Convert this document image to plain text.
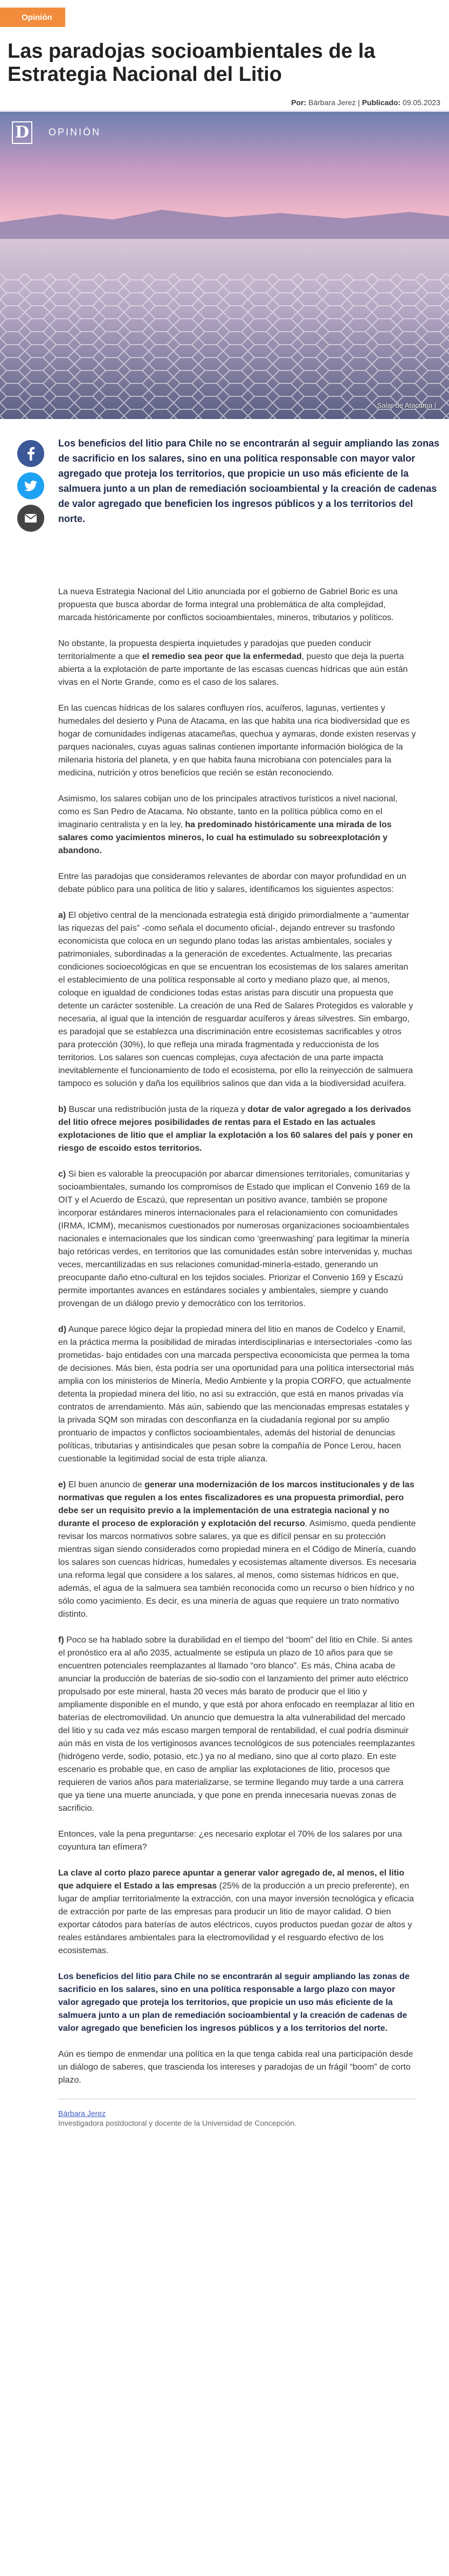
Opinión
Las paradojas socioambientales de la Estrategia Nacional del Litio
Por: Bárbara Jerez | Publicado: 09.05.2023
D	OPINIÓN
Salar de Atacama |

Los beneficios del litio para Chile no se encontrarán al seguir ampliando las zonas de sacrificio en los salares, sino en una política responsable con mayor valor agregado que proteja los territorios, que propicie un uso más eficiente de la salmuera junto a un plan de remediación socioambiental y la creación de cadenas de valor agregado que beneficien los ingresos públicos y a los territorios del norte.

La nueva Estrategia Nacional del Litio anunciada por el gobierno de Gabriel Boric es una propuesta que busca abordar de forma integral una problemática de alta complejidad, marcada históricamente por conflictos socioambientales, mineros, tributarios y políticos.

No obstante, la propuesta despierta inquietudes y paradojas que pueden conducir territorialmente a que el remedio sea peor que la enfermedad, puesto que deja la puerta abierta a la explotación de parte importante de las escasas cuencas hídricas que aún están vivas en el Norte Grande, como es el caso de los salares.

En las cuencas hídricas de los salares confluyen ríos, acuíferos, lagunas, vertientes y humedales del desierto y Puna de Atacama, en las que habita una rica biodiversidad que es hogar de comunidades indígenas atacameñas, quechua y aymaras, donde existen reservas y parques nacionales, cuyas aguas salinas contienen importante información biológica de la milenaria historia del planeta, y en que habita fauna microbiana con potenciales para la medicina, nutrición y otros beneficios que recién se están reconociendo.

Asimismo, los salares cobijan uno de los principales atractivos turísticos a nivel nacional, como es San Pedro de Atacama. No obstante, tanto en la política pública como en el imaginario centralista y en la ley, ha predominado históricamente una mirada de los salares como yacimientos mineros, lo cual ha estimulado su sobreexplotación y abandono.

Entre las paradojas que consideramos relevantes de abordar con mayor profundidad en un debate público para una política de litio y salares, identificamos los siguientes aspectos:

a) El objetivo central de la mencionada estrategia está dirigido primordialmente a “aumentar las riquezas del país” -como señala el documento oficial-, dejando entrever su trasfondo economicista que coloca en un segundo plano todas las aristas ambientales, sociales y patrimoniales, subordinadas a la generación de excedentes. Actualmente, las precarias condiciones socioecológicas en que se encuentran los ecosistemas de los salares ameritan el establecimiento de una política responsable al corto y mediano plazo que, al menos, coloque en igualdad de condiciones todas estas aristas para discutir una propuesta que detente un carácter sostenible. La creación de una Red de Salares Protegidos es valorable y necesaria, al igual que la intención de resguardar acuíferos y áreas silvestres. Sin embargo, es paradojal que se establezca una discriminación entre ecosistemas sacrificables y otros para protección (30%), lo que refleja una mirada fragmentada y reduccionista de los territorios. Los salares son cuencas complejas, cuya afectación de una parte impacta inevitablemente el funcionamiento de todo el ecosistema, por ello la reinyección de salmuera tampoco es solución y daña los equilibrios salinos que dan vida a la biodiversidad acuífera.

b) Buscar una redistribución justa de la riqueza y dotar de valor agregado a los derivados del litio ofrece mejores posibilidades de rentas para el Estado en las actuales explotaciones de litio que el ampliar la explotación a los 60 salares del país y poner en riesgo de escoido estos territorios.

c) Si bien es valorable la preocupación por abarcar dimensiones territoriales, comunitarias y socioambientales, sumando los compromisos de Estado que implican el Convenio 169 de la OIT y el Acuerdo de Escazú, que representan un positivo avance, también se propone incorporar estándares mineros internacionales para el relacionamiento con comunidades (IRMA, ICMM), mecanismos cuestionados por numerosas organizaciones socioambientales nacionales e internacionales que los sindican como ‘greenwashing’ para legitimar la minería bajo retóricas verdes, en territorios que las comunidades están sobre intervenidas y, muchas veces, mercantilizadas en sus relaciones comunidad-minería-estado, generando un preocupante daño etno-cultural en los tejidos sociales. Priorizar el Convenio 169 y Escazú permite importantes avances en estándares sociales y ambientales, siempre y cuando provengan de un diálogo previo y democrático con los territorios.

d) Aunque parece lógico dejar la propiedad minera del litio en manos de Codelco y Enamil, en la práctica merma la posibilidad de miradas interdisciplinarias e intersectoriales -como las prometidas- bajo entidades con una marcada perspectiva economicista que permea la toma de decisiones. Más bien, ésta podría ser una oportunidad para una política intersectorial más amplia con los ministerios de Minería, Medio Ambiente y la propia CORFO, que actualmente detenta la propiedad minera del litio, no así su extracción, que está en manos privadas vía contratos de arrendamiento. Más aún, sabiendo que las mencionadas empresas estatales y la privada SQM son miradas con desconfianza en la ciudadanía regional por su amplio prontuario de impactos y conflictos socioambientales, además del historial de denuncias políticas, tributarias y antisindicales que pesan sobre la compañía de Ponce Lerou, hacen cuestionable la legitimidad social de esta triple alianza.

e) El buen anuncio de generar una modernización de los marcos institucionales y de las normativas que regulen a los entes fiscalizadores es una propuesta primordial, pero debe ser un requisito previo a la implementación de una estrategia nacional y no durante el proceso de exploración y explotación del recurso. Asimismo, queda pendiente revisar los marcos normativos sobre salares, ya que es difícil pensar en su protección mientras sigan siendo considerados como propiedad minera en el Código de Minería, cuando los salares son cuencas hídricas, humedales y ecosistemas altamente diversos. Es necesaria una reforma legal que considere a los salares, al menos, como sistemas hídricos en que, además, el agua de la salmuera sea también reconocida como un recurso o bien hídrico y no sólo como yacimiento. Es decir, es una minería de aguas que requiere un trato normativo distinto.

f) Poco se ha hablado sobre la durabilidad en el tiempo del “boom” del litio en Chile. Si antes el pronóstico era al año 2035, actualmente se estipula un plazo de 10 años para que se encuentren potenciales reemplazantes al llamado “oro blanco”. Es más, China acaba de anunciar la producción de baterías de sio-sodio con el lanzamiento del primer auto eléctrico propulsado por este mineral, hasta 20 veces más barato de producir que el litio y ampliamente disponible en el mundo, y que está por ahora enfocado en reemplazar al litio en baterías de electromovilidad. Un anuncio que demuestra la alta vulnerabilidad del mercado del litio y su cada vez más escaso margen temporal de rentabilidad, el cual podría disminuir aún más en vista de los vertiginosos avances tecnológicos de sus potenciales reemplazantes (hidrógeno verde, sodio, potasio, etc.) ya no al mediano, sino que al corto plazo. En este escenario es probable que, en caso de ampliar las explotaciones de litio, procesos que requieren de varios años para materializarse, se termine llegando muy tarde a una carrera que ya tiene una muerte anunciada, y que pone en prenda innecesaria nuevas zonas de sacrificio.

Entonces, vale la pena preguntarse: ¿es necesario explotar el 70% de los salares por una coyuntura tan efímera?

La clave al corto plazo parece apuntar a generar valor agregado de, al menos, el litio que adquiere el Estado a las empresas (25% de la producción a un precio preferente), en lugar de ampliar territorialmente la extracción, con una mayor inversión tecnológica y eficacia de extracción por parte de las empresas para producir un litio de mayor calidad. O bien exportar cátodos para baterías de autos eléctricos, cuyos productos puedan gozar de altos y reales estándares ambientales para la electromovilidad y el resguardo efectivo de los ecosistemas.

Los beneficios del litio para Chile no se encontrarán al seguir ampliando las zonas de sacrificio en los salares, sino en una política responsable a largo plazo con mayor valor agregado que proteja los territorios, que propicie un uso más eficiente de la salmuera junto a un plan de remediación socioambiental y la creación de cadenas de valor agregado que beneficien los ingresos públicos y a los territorios del norte.

Aún es tiempo de enmendar una política en la que tenga cabida real una participación desde un diálogo de saberes, que trascienda los intereses y paradojas de un frágil “boom” de corto plazo.

Bárbara Jerez
Investigadora postdoctoral y docente de la Universidad de Concepción.
